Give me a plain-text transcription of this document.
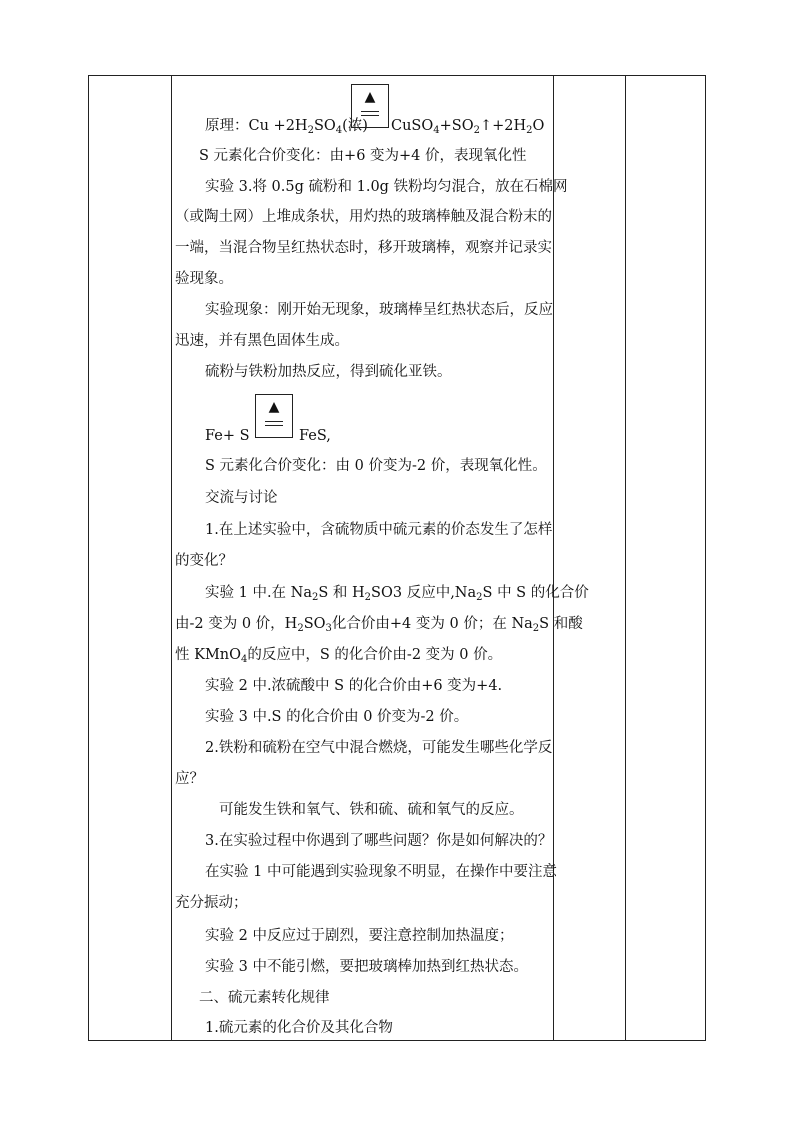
原理：$Cu +2H_2SO_4$(浓)
▲
$CuSO_4+SO_2↑+2H_2O$
S 元素化合价变化：由+6 变为+4 价，表现氧化性
实验 3.将 0.5g 硫粉和 1.0g 铁粉均匀混合，放在石棉网
（或陶土网）上堆成条状，用灼热的玻璃棒触及混合粉末的
一端，当混合物呈红热状态时，移开玻璃棒，观察并记录实
验现象。
实验现象：刚开始无现象，玻璃棒呈红热状态后，反应
迅速，并有黑色固体生成。
硫粉与铁粉加热反应，得到硫化亚铁。
Fe+ S
▲
FeS,
S 元素化合价变化：由 0 价变为-2 价，表现氧化性。
交流与讨论
1.在上述实验中，含硫物质中硫元素的价态发生了怎样
的变化？
实验 1 中.在 $Na_2S$ 和 $H_2SO3$ 反应中$,Na_2S$ 中 S 的化合价
由-2 变为 0 价，$H_2SO_3$化合价由+4 变为 0 价；在 $Na_2S$ 和酸
性 KMnO$_4$的反应中，S 的化合价由-2 变为 0 价。
实验 2 中.浓硫酸中 S 的化合价由+6 变为+4.
实验 3 中.S 的化合价由 0 价变为-2 价。
2.铁粉和硫粉在空气中混合燃烧，可能发生哪些化学反
应？
可能发生铁和氧气、铁和硫、硫和氧气的反应。
3.在实验过程中你遇到了哪些问题？你是如何解决的？
在实验 1 中可能遇到实验现象不明显，在操作中要注意
充分振动；
实验 2 中反应过于剧烈，要注意控制加热温度；
实验 3 中不能引燃，要把玻璃棒加热到红热状态。
二、硫元素转化规律
1.硫元素的化合价及其化合物
